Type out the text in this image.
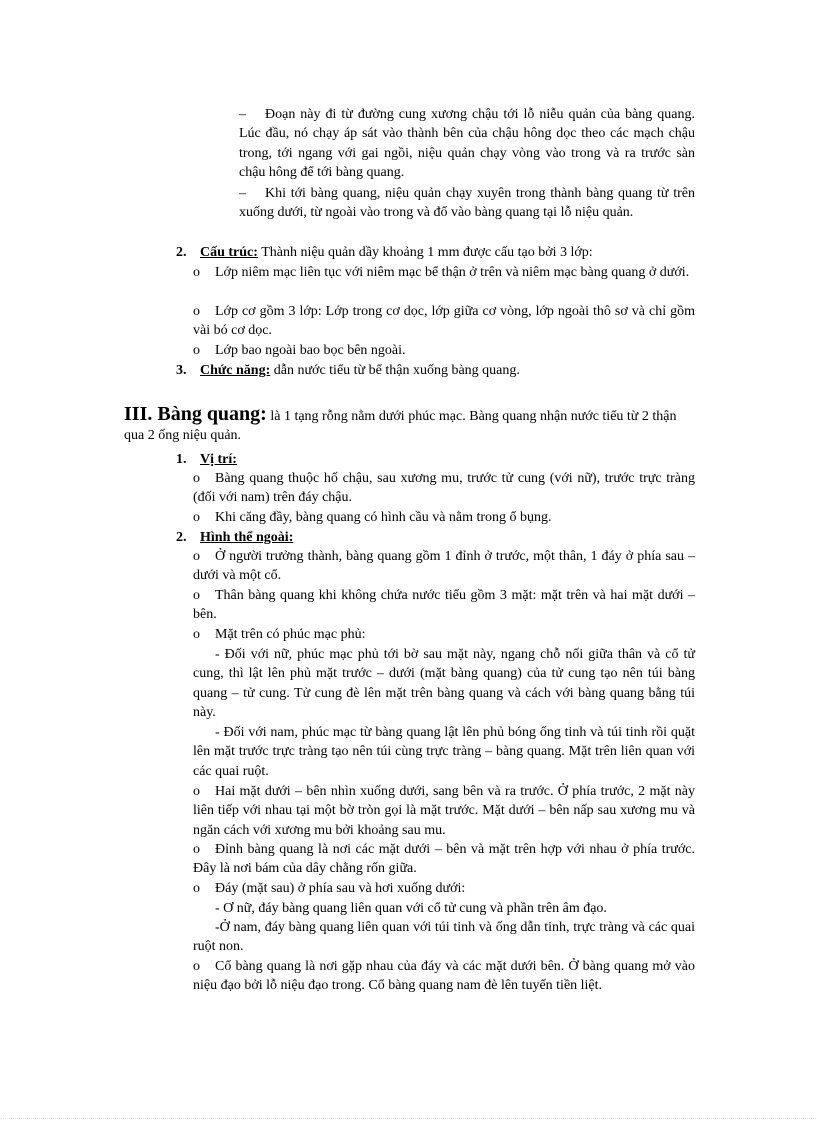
– Đoạn này đi từ đường cung xương chậu tới lỗ niễu quản của bàng quang. Lúc đầu, nó chạy áp sát vào thành bên của chậu hông dọc theo các mạch chậu trong, tới ngang với gai ngồi, niệu quản chạy vòng vào trong và ra trước sàn chậu hông để tới bàng quang.

– Khi tới bàng quang, niệu quản chạy xuyên trong thành bàng quang từ trên xuống dưới, từ ngoài vào trong và đổ vào bàng quang tại lỗ niệu quản.

2. Cấu trúc: Thành niệu quản dầy khoảng 1 mm được cấu tạo bởi 3 lớp:

o Lớp niêm mạc liên tục với niêm mạc bể thận ở trên và niêm mạc bàng quang ở dưới.

o Lớp cơ gồm 3 lớp: Lớp trong cơ dọc, lớp giữa cơ vòng, lớp ngoài thô sơ và chỉ gồm vài bó cơ dọc.

o Lớp bao ngoài bao bọc bên ngoài.

3. Chức năng: dẫn nước tiểu từ bể thận xuống bàng quang.

III. Bàng quang: là 1 tạng rỗng nằm dưới phúc mạc. Bàng quang nhận nước tiểu từ 2 thận qua 2 ống niệu quản.

1. Vị trí:

o Bàng quang thuộc hố chậu, sau xương mu, trước tử cung (với nữ), trước trực tràng (đối với nam) trên đáy chậu.

o Khi căng đầy, bàng quang có hình cầu và nằm trong ổ bụng.

2. Hình thể ngoài:

o Ở người trưởng thành, bàng quang gồm 1 đỉnh ở trước, một thân, 1 đáy ở phía sau – dưới và một cổ.

o Thân bàng quang khi không chứa nước tiểu gồm 3 mặt: mặt trên và hai mặt dưới – bên.

o Mặt trên có phúc mạc phủ:

- Đối với nữ, phúc mạc phủ tới bờ sau mặt này, ngang chỗ nối giữa thân và cổ tử cung, thì lật lên phủ mặt trước – dưới (mặt bàng quang) của tử cung tạo nên túi bàng quang – tử cung. Tử cung đè lên mặt trên bàng quang và cách với bàng quang bằng túi này.

- Đối với nam, phúc mạc từ bàng quang lật lên phủ bóng ống tinh và túi tinh rồi quặt lên mặt trước trực tràng tạo nên túi cùng trực tràng – bàng quang. Mặt trên liên quan với các quai ruột.

o Hai mặt dưới – bên nhìn xuống dưới, sang bên và ra trước. Ở phía trước, 2 mặt này liên tiếp với nhau tại một bờ tròn gọi là mặt trước. Mặt dưới – bên nấp sau xương mu và ngăn cách với xương mu bởi khoảng sau mu.

o Đỉnh bàng quang là nơi các mặt dưới – bên và mặt trên hợp với nhau ở phía trước. Đây là nơi bám của dây chằng rốn giữa.

o Đáy (mặt sau) ở phía sau và hơi xuống dưới:

- Ơ nữ, đáy bàng quang liên quan với cổ tử cung và phần trên âm đạo.

-Ở nam, đáy bàng quang liên quan với túi tinh và ống dẫn tinh, trực tràng và các quai ruột non.

o Cổ bàng quang là nơi gặp nhau của đáy và các mặt dưới bên. Ở bàng quang mở vào niệu đạo bởi lỗ niệu đạo trong. Cổ bàng quang nam đè lên tuyến tiền liệt.
